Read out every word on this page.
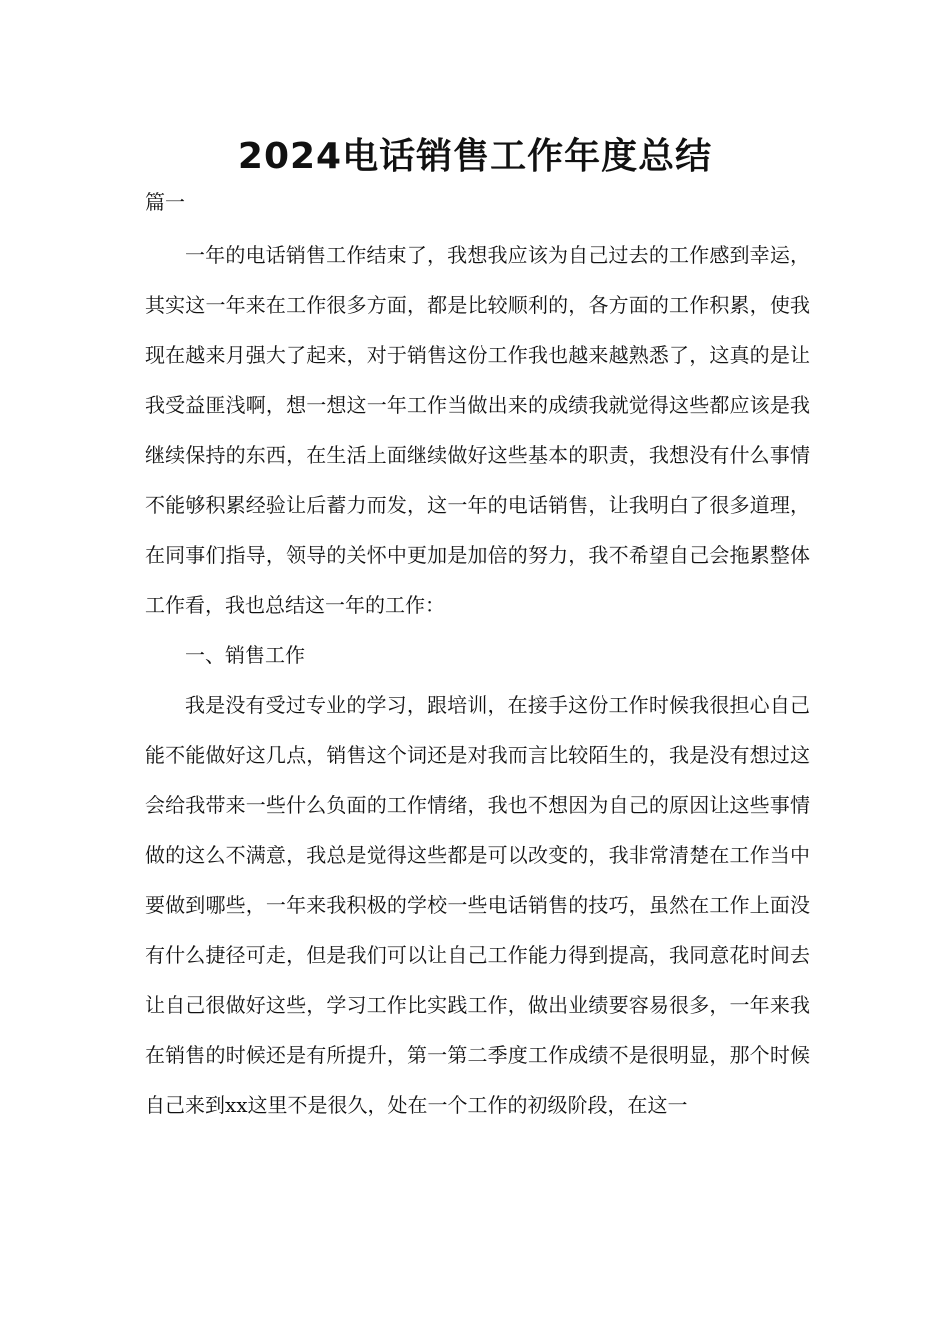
2024电话销售工作年度总结
篇一

一年的电话销售工作结束了，我想我应该为自己过去的工作感到幸运，其实这一年来在工作很多方面，都是比较顺利的，各方面的工作积累，使我现在越来月强大了起来，对于销售这份工作我也越来越熟悉了，这真的是让我受益匪浅啊，想一想这一年工作当做出来的成绩我就觉得这些都应该是我继续保持的东西，在生活上面继续做好这些基本的职责，我想没有什么事情不能够积累经验让后蓄力而发，这一年的电话销售，让我明白了很多道理，在同事们指导，领导的关怀中更加是加倍的努力，我不希望自己会拖累整体工作看，我也总结这一年的工作：

一、销售工作

我是没有受过专业的学习，跟培训，在接手这份工作时候我很担心自己能不能做好这几点，销售这个词还是对我而言比较陌生的，我是没有想过这会给我带来一些什么负面的工作情绪，我也不想因为自己的原因让这些事情做的这么不满意，我总是觉得这些都是可以改变的，我非常清楚在工作当中要做到哪些，一年来我积极的学校一些电话销售的技巧，虽然在工作上面没有什么捷径可走，但是我们可以让自己工作能力得到提高，我同意花时间去让自己很做好这些，学习工作比实践工作，做出业绩要容易很多，一年来我在销售的时候还是有所提升，第一第二季度工作成绩不是很明显，那个时候自己来到xx这里不是很久，处在一个工作的初级阶段，在这一
